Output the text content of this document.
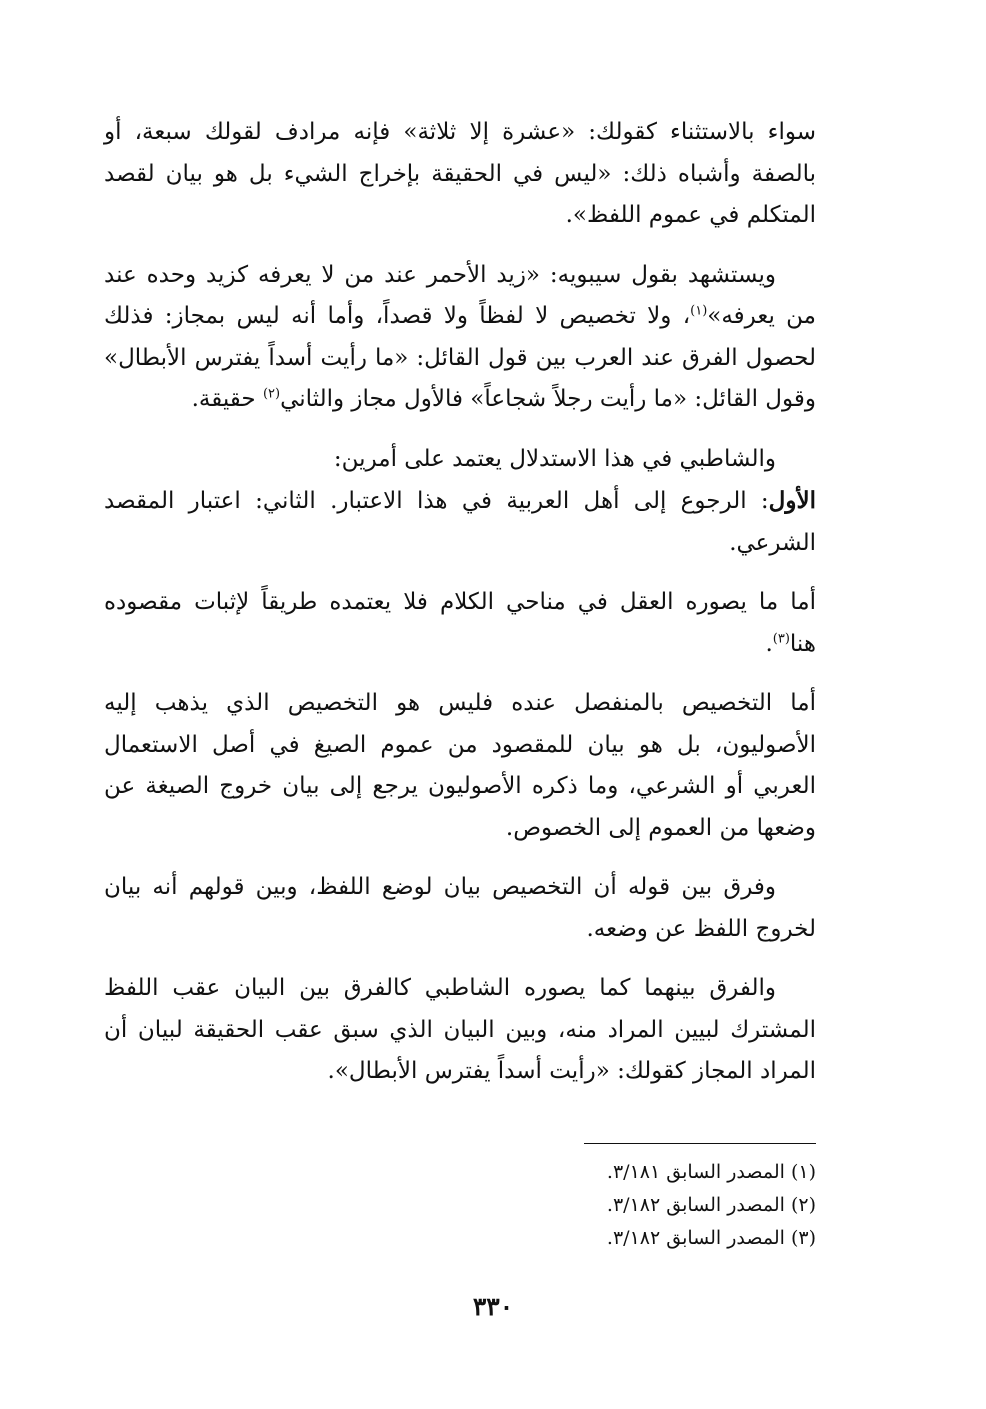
سواء بالاستثناء كقولك: «عشرة إلا ثلاثة» فإنه مرادف لقولك سبعة، أو بالصفة وأشباه ذلك: «ليس في الحقيقة بإخراج الشيء بل هو بيان لقصد المتكلم في عموم اللفظ».

ويستشهد بقول سيبويه: «زيد الأحمر عند من لا يعرفه كزيد وحده عند من يعرفه»$^{(١)}$، ولا تخصيص لا لفظاً ولا قصداً، وأما أنه ليس بمجاز: فذلك لحصول الفرق عند العرب بين قول القائل: «ما رأيت أسداً يفترس الأبطال» وقول القائل: «ما رأيت رجلاً شجاعاً» فالأول مجاز والثاني$^{(٢)}$ حقيقة.

والشاطبي في هذا الاستدلال يعتمد على أمرين:

الأول: الرجوع إلى أهل العربية في هذا الاعتبار. الثاني: اعتبار المقصد الشرعي.

أما ما يصوره العقل في مناحي الكلام فلا يعتمده طريقاً لإثبات مقصوده هنا$^{(٣)}$.

أما التخصيص بالمنفصل عنده فليس هو التخصيص الذي يذهب إليه الأصوليون، بل هو بيان للمقصود من عموم الصيغ في أصل الاستعمال العربي أو الشرعي، وما ذكره الأصوليون يرجع إلى بيان خروج الصيغة عن وضعها من العموم إلى الخصوص.

وفرق بين قوله أن التخصيص بيان لوضع اللفظ، وبين قولهم أنه بيان لخروج اللفظ عن وضعه.

والفرق بينهما كما يصوره الشاطبي كالفرق بين البيان عقب اللفظ المشترك لبيين المراد منه، وبين البيان الذي سبق عقب الحقيقة لبيان أن المراد المجاز كقولك: «رأيت أسداً يفترس الأبطال».

(١) المصدر السابق ٣/١٨١.

(٢) المصدر السابق ٣/١٨٢.

(٣) المصدر السابق ٣/١٨٢.

٣٣٠
